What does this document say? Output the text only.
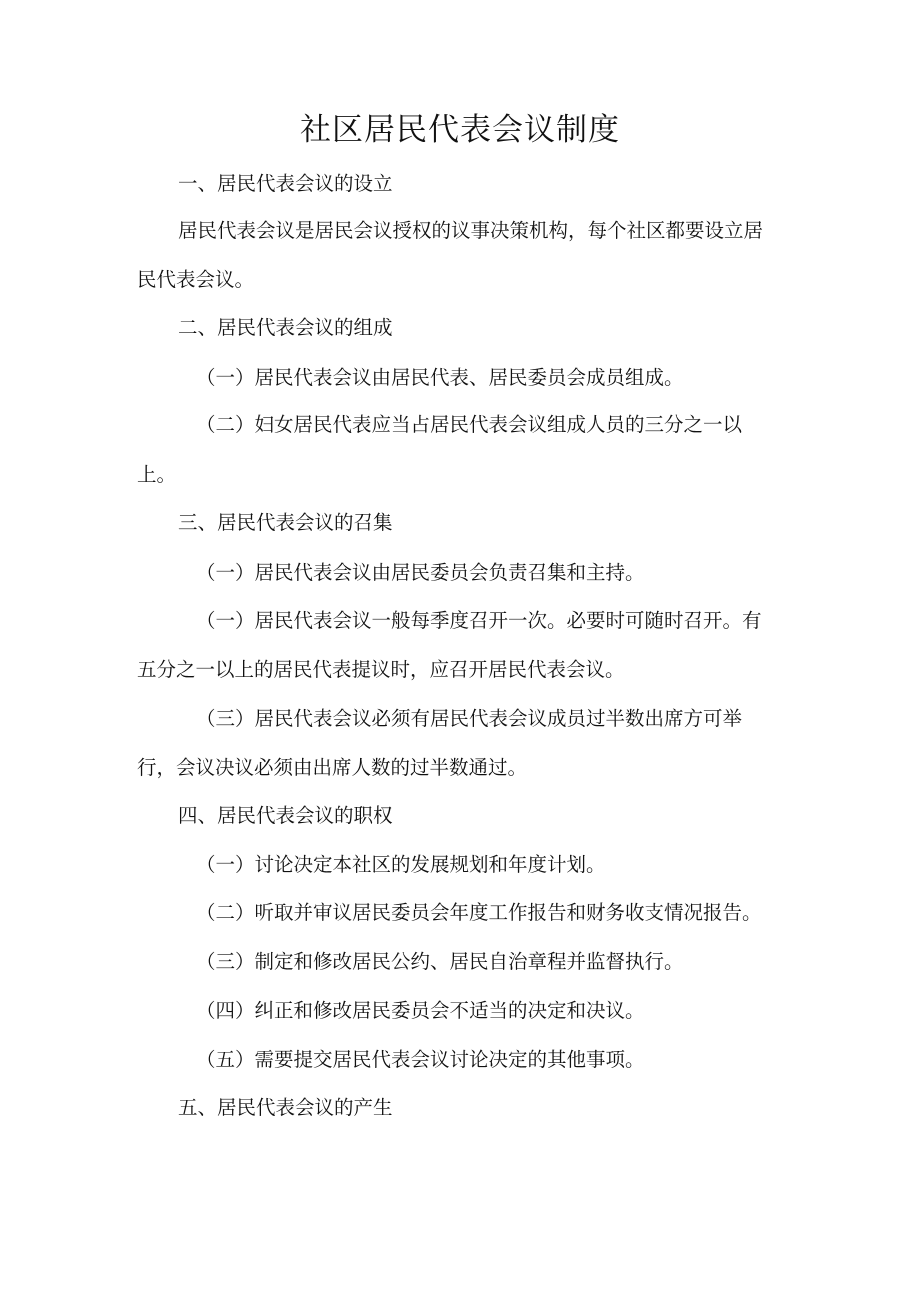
社区居民代表会议制度

一、居民代表会议的设立

居民代表会议是居民会议授权的议事决策机构，每个社区都要设立居

民代表会议。

二、居民代表会议的组成

（一）居民代表会议由居民代表、居民委员会成员组成。

（二）妇女居民代表应当占居民代表会议组成人员的三分之一以

上。

三、居民代表会议的召集

（一）居民代表会议由居民委员会负责召集和主持。

（一）居民代表会议一般每季度召开一次。必要时可随时召开。有

五分之一以上的居民代表提议时，应召开居民代表会议。

（三）居民代表会议必须有居民代表会议成员过半数出席方可举

行，会议决议必须由出席人数的过半数通过。

四、居民代表会议的职权

（一）讨论决定本社区的发展规划和年度计划。

（二）听取并审议居民委员会年度工作报告和财务收支情况报告。

（三）制定和修改居民公约、居民自治章程并监督执行。

（四）纠正和修改居民委员会不适当的决定和决议。

（五）需要提交居民代表会议讨论决定的其他事项。

五、居民代表会议的产生
